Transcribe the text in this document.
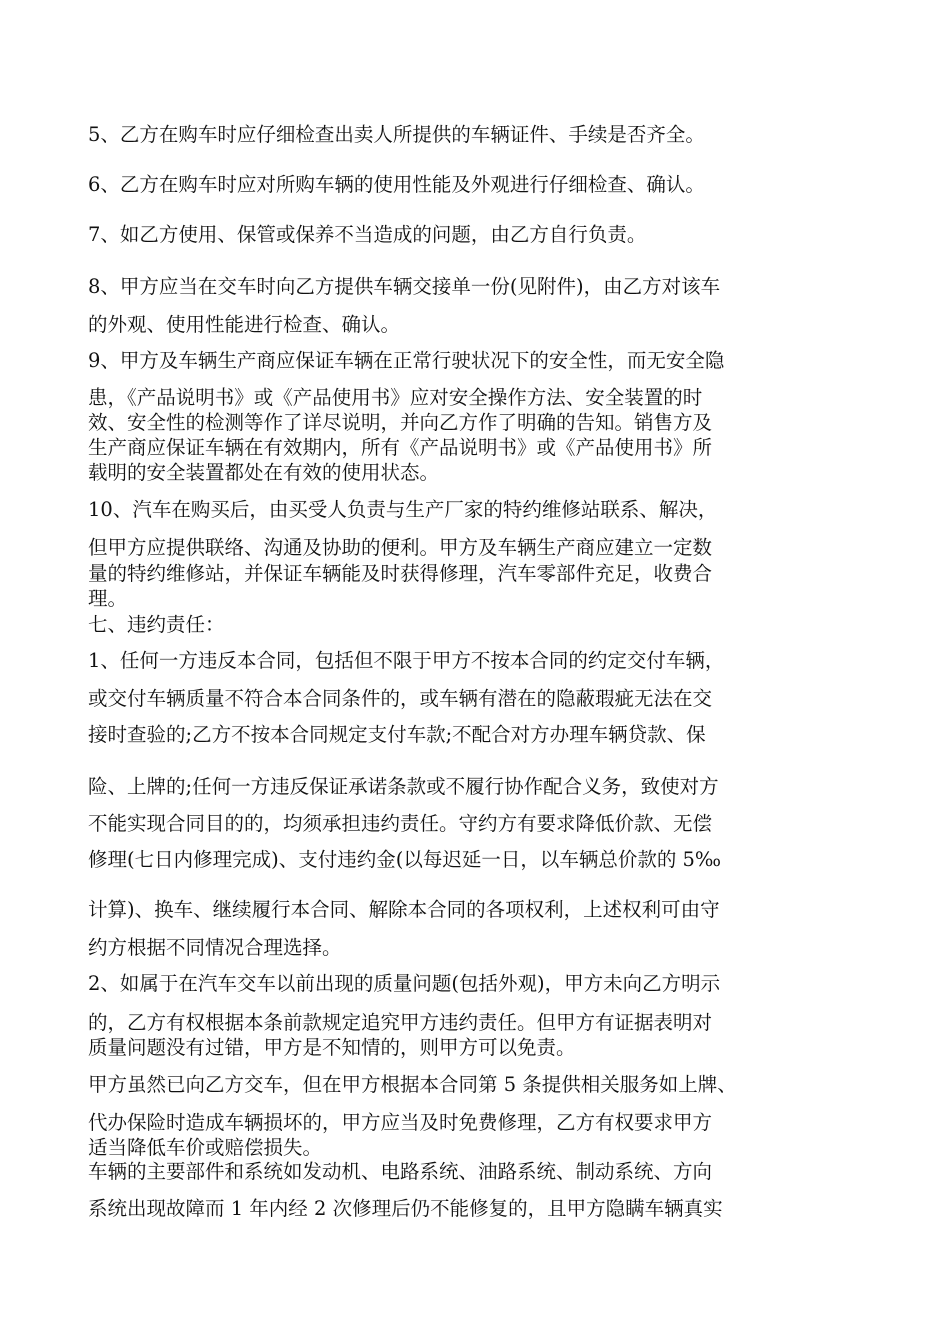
5、乙方在购车时应仔细检查出卖人所提供的车辆证件、手续是否齐全。
6、乙方在购车时应对所购车辆的使用性能及外观进行仔细检查、确认。
7、如乙方使用、保管或保养不当造成的问题，由乙方自行负责。
8、甲方应当在交车时向乙方提供车辆交接单一份(见附件)，由乙方对该车
的外观、使用性能进行检查、确认。
9、甲方及车辆生产商应保证车辆在正常行驶状况下的安全性，而无安全隐
患，《产品说明书》或《产品使用书》应对安全操作方法、安全装置的时
效、安全性的检测等作了详尽说明，并向乙方作了明确的告知。销售方及
生产商应保证车辆在有效期内，所有《产品说明书》或《产品使用书》所
载明的安全装置都处在有效的使用状态。
10、汽车在购买后，由买受人负责与生产厂家的特约维修站联系、解决，
但甲方应提供联络、沟通及协助的便利。甲方及车辆生产商应建立一定数
量的特约维修站，并保证车辆能及时获得修理，汽车零部件充足，收费合
理。
七、违约责任：
1、任何一方违反本合同，包括但不限于甲方不按本合同的约定交付车辆，
或交付车辆质量不符合本合同条件的，或车辆有潜在的隐蔽瑕疵无法在交
接时查验的;乙方不按本合同规定支付车款;不配合对方办理车辆贷款、保
险、上牌的;任何一方违反保证承诺条款或不履行协作配合义务，致使对方
不能实现合同目的的，均须承担违约责任。守约方有要求降低价款、无偿
修理(七日内修理完成)、支付违约金(以每迟延一日，以车辆总价款的 5‰
计算)、换车、继续履行本合同、解除本合同的各项权利，上述权利可由守
约方根据不同情况合理选择。
2、如属于在汽车交车以前出现的质量问题(包括外观)，甲方未向乙方明示
的，乙方有权根据本条前款规定追究甲方违约责任。但甲方有证据表明对
质量问题没有过错，甲方是不知情的，则甲方可以免责。
甲方虽然已向乙方交车，但在甲方根据本合同第 5 条提供相关服务如上牌、
代办保险时造成车辆损坏的，甲方应当及时免费修理，乙方有权要求甲方
适当降低车价或赔偿损失。
车辆的主要部件和系统如发动机、电路系统、油路系统、制动系统、方向
系统出现故障而 1 年内经 2 次修理后仍不能修复的，且甲方隐瞒车辆真实
